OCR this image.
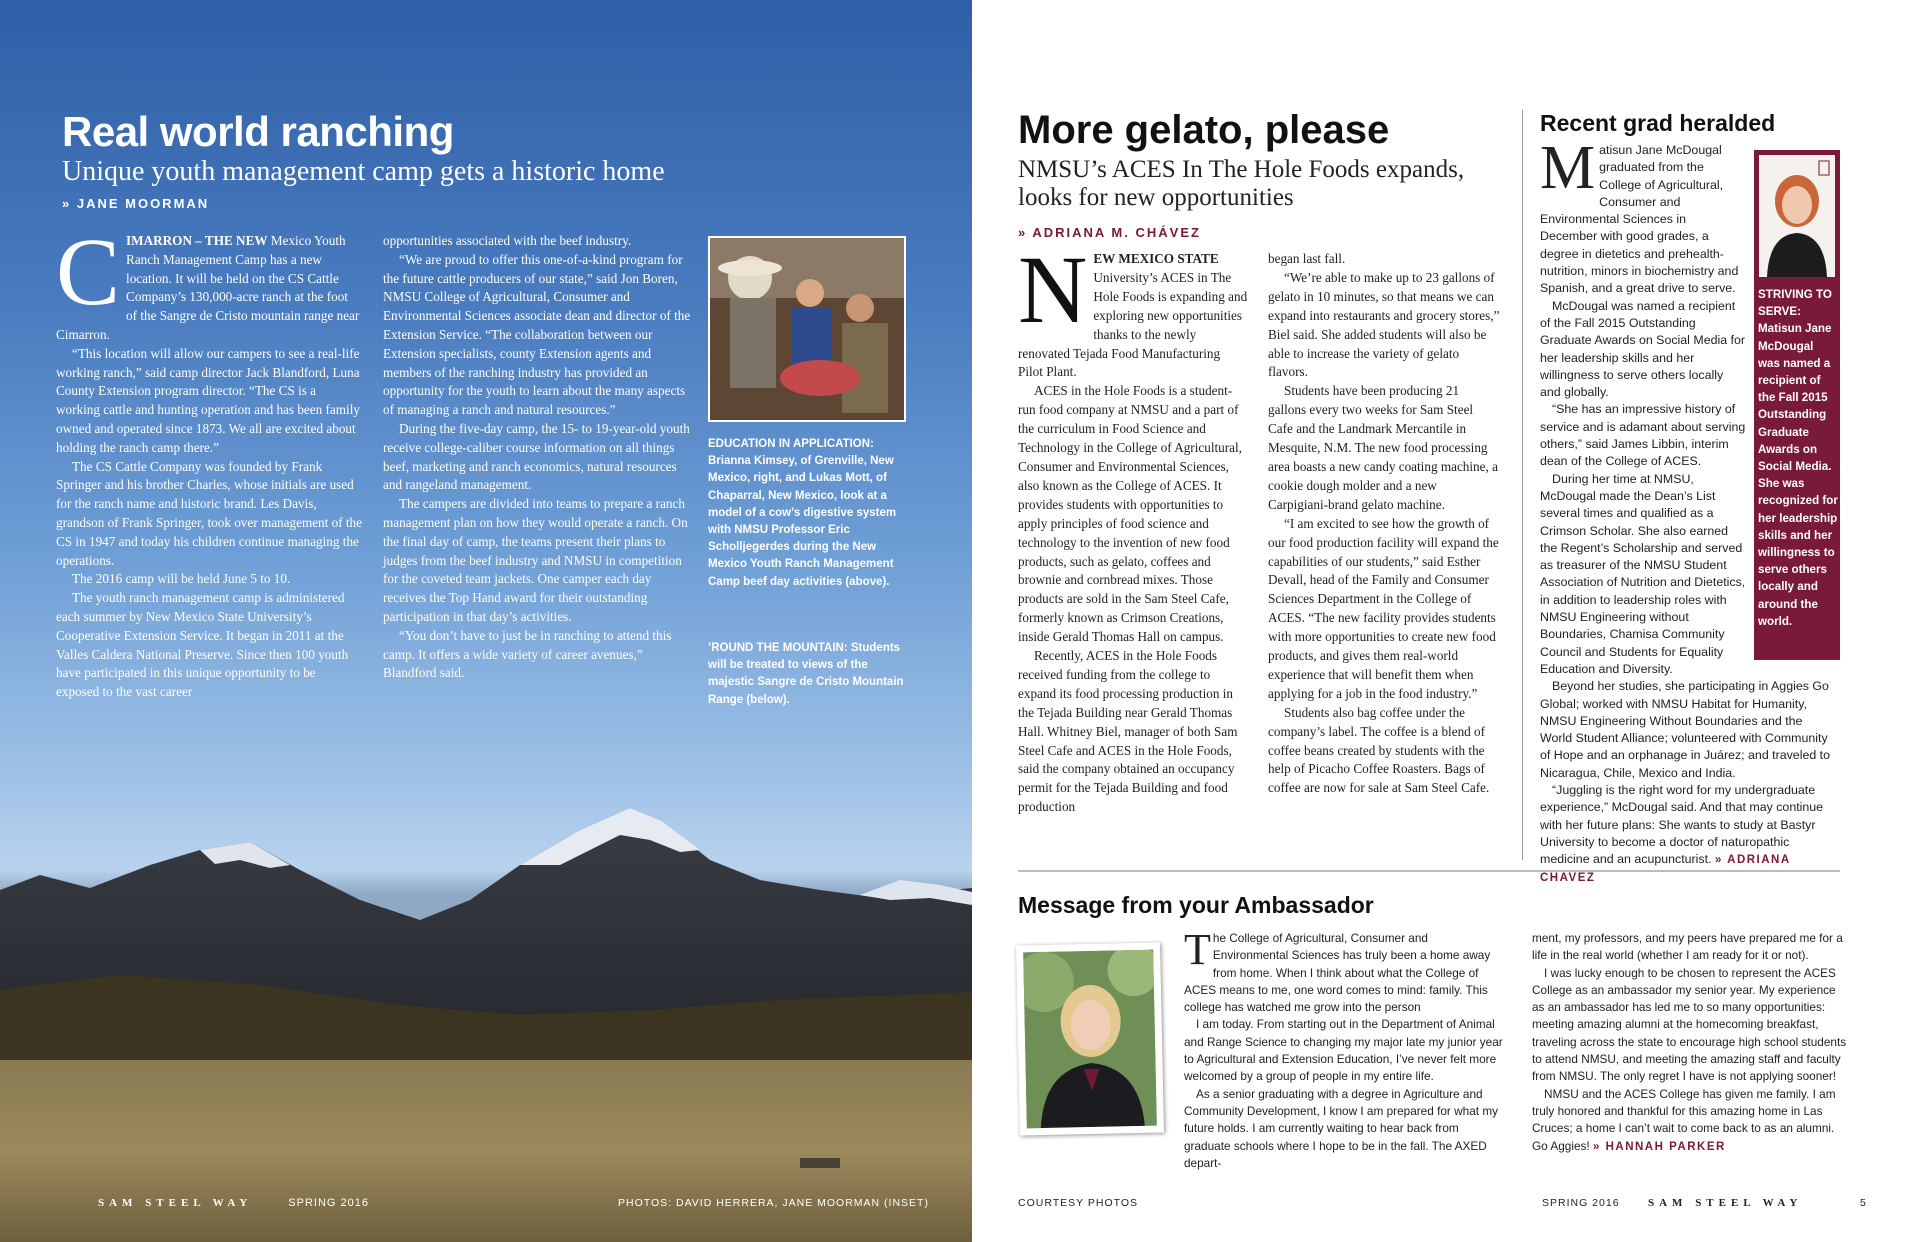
Real world ranching
Unique youth management camp gets a historic home
» JANE MOORMAN

CIMARRON – THE NEW Mexico Youth Ranch Management Camp has a new location. It will be held on the CS Cattle Company’s 130,000-acre ranch at the foot of the Sangre de Cristo mountain range near Cimarron.

“This location will allow our campers to see a real-life working ranch,” said camp director Jack Blandford, Luna County Extension program director. “The CS is a working cattle and hunting operation and has been family owned and operated since 1873. We all are excited about holding the ranch camp there.”

The CS Cattle Company was founded by Frank Springer and his brother Charles, whose initials are used for the ranch name and historic brand. Les Davis, grandson of Frank Springer, took over management of the CS in 1947 and today his children continue managing the operations.

The 2016 camp will be held June 5 to 10.

The youth ranch management camp is administered each summer by New Mexico State University’s Cooperative Extension Service. It began in 2011 at the Valles Caldera National Preserve. Since then 100 youth have participated in this unique opportunity to be exposed to the vast career

opportunities associated with the beef industry.

“We are proud to offer this one-of-a-kind program for the future cattle producers of our state,” said Jon Boren, NMSU College of Agricultural, Consumer and Environmental Sciences associate dean and director of the Extension Service. “The collaboration between our Extension specialists, county Extension agents and members of the ranching industry has provided an opportunity for the youth to learn about the many aspects of managing a ranch and natural resources.”

During the five-day camp, the 15- to 19-year-old youth receive college-caliber course information on all things beef, marketing and ranch economics, natural resources and rangeland management.

The campers are divided into teams to prepare a ranch management plan on how they would operate a ranch. On the final day of camp, the teams present their plans to judges from the beef industry and NMSU in competition for the coveted team jackets. One camper each day receives the Top Hand award for their outstanding participation in that day’s activities.

“You don’t have to just be in ranching to attend this camp. It offers a wide variety of career avenues,” Blandford said.

EDUCATION IN APPLICATION: Brianna Kimsey, of Grenville, New Mexico, right, and Lukas Mott, of Chaparral, New Mexico, look at a model of a cow’s digestive system with NMSU Professor Eric Scholljegerdes during the New Mexico Youth Ranch Management Camp beef day activities (above).
’ROUND THE MOUNTAIN: Students will be treated to views of the majestic Sangre de Cristo Mountain Range (below).
SAM STEEL WAY	SPRING 2016	PHOTOS: DAVID HERRERA, JANE MOORMAN (INSET)
More gelato, please
NMSU’s ACES In The Hole Foods expands, looks for new opportunities
» ADRIANA M. CHÁVEZ

NEW MEXICO STATE University’s ACES in The Hole Foods is expanding and exploring new opportunities thanks to the newly renovated Tejada Food Manufacturing Pilot Plant.

ACES in the Hole Foods is a student-run food company at NMSU and a part of the curriculum in Food Science and Technology in the College of Agricultural, Consumer and Environmental Sciences, also known as the College of ACES. It provides students with opportunities to apply principles of food science and technology to the invention of new food products, such as gelato, coffees and brownie and cornbread mixes. Those products are sold in the Sam Steel Cafe, formerly known as Crimson Creations, inside Gerald Thomas Hall on campus.

Recently, ACES in the Hole Foods received funding from the college to expand its food processing production in the Tejada Building near Gerald Thomas Hall. Whitney Biel, manager of both Sam Steel Cafe and ACES in the Hole Foods, said the company obtained an occupancy permit for the Tejada Building and food production

began last fall.

“We’re able to make up to 23 gallons of gelato in 10 minutes, so that means we can expand into restaurants and grocery stores,” Biel said. She added students will also be able to increase the variety of gelato flavors.

Students have been producing 21 gallons every two weeks for Sam Steel Cafe and the Landmark Mercantile in Mesquite, N.M. The new food processing area boasts a new candy coating machine, a cookie dough molder and a new Carpigiani-brand gelato machine.

“I am excited to see how the growth of our food production facility will expand the capabilities of our students,” said Esther Devall, head of the Family and Consumer Sciences Department in the College of ACES. “The new facility provides students with more opportunities to create new food products, and gives them real-world experience that will benefit them when applying for a job in the food industry.”

Students also bag coffee under the company’s label. The coffee is a blend of coffee beans created by students with the help of Picacho Coffee Roasters. Bags of coffee are now for sale at Sam Steel Cafe.

Recent grad heralded
STRIVING TO SERVE: Matisun Jane McDougal was named a recipient of the Fall 2015 Outstanding Graduate Awards on Social Media. She was recognized for her leadership skills and her willingness to serve others locally and around the world.

Matisun Jane McDougal graduated from the College of Agricultural, Consumer and Environmental Sciences in December with good grades, a degree in dietetics and prehealth-nutrition, minors in biochemistry and Spanish, and a great drive to serve.

McDougal was named a recipient of the Fall 2015 Outstanding Graduate Awards on Social Media for her leadership skills and her willingness to serve others locally and globally.

“She has an impressive history of service and is adamant about serving others,” said James Libbin, interim dean of the College of ACES.

During her time at NMSU, McDougal made the Dean’s List several times and qualified as a Crimson Scholar. She also earned the Regent’s Scholarship and served as treasurer of the NMSU Student Association of Nutrition and Dietetics, in addition to leadership roles with NMSU Engineering without Boundaries, Chamisa Community Council and Students for Equality Education and Diversity.

Beyond her studies, she participating in Aggies Go Global; worked with NMSU Habitat for Humanity, NMSU Engineering Without Boundaries and the World Student Alliance; volunteered with Community of Hope and an orphanage in Juárez; and traveled to Nicaragua, Chile, Mexico and India.

“Juggling is the right word for my undergraduate experience,” McDougal said. And that may continue with her future plans: She wants to study at Bastyr University to become a doctor of naturopathic medicine and an acupuncturist. » ADRIANA CHAVEZ

Message from your Ambassador

The College of Agricultural, Consumer and Environmental Sciences has truly been a home away from home. When I think about what the College of ACES means to me, one word comes to mind: family. This college has watched me grow into the person

I am today. From starting out in the Department of Animal and Range Science to changing my major late my junior year to Agricultural and Extension Education, I’ve never felt more welcomed by a group of people in my entire life.

As a senior graduating with a degree in Agriculture and Community Development, I know I am prepared for what my future holds. I am currently waiting to hear back from graduate schools where I hope to be in the fall. The AXED depart-

ment, my professors, and my peers have prepared me for a life in the real world (whether I am ready for it or not).

I was lucky enough to be chosen to represent the ACES College as an ambassador my senior year. My experience as an ambassador has led me to so many opportunities: meeting amazing alumni at the homecoming breakfast, traveling across the state to encourage high school students to attend NMSU, and meeting the amazing staff and faculty from NMSU. The only regret I have is not applying sooner!

NMSU and the ACES College has given me family. I am truly honored and thankful for this amazing home in Las Cruces; a home I can’t wait to come back to as an alumni. Go Aggies! » HANNAH PARKER

COURTESY PHOTOS	SPRING 2016	SAM STEEL WAY	5
